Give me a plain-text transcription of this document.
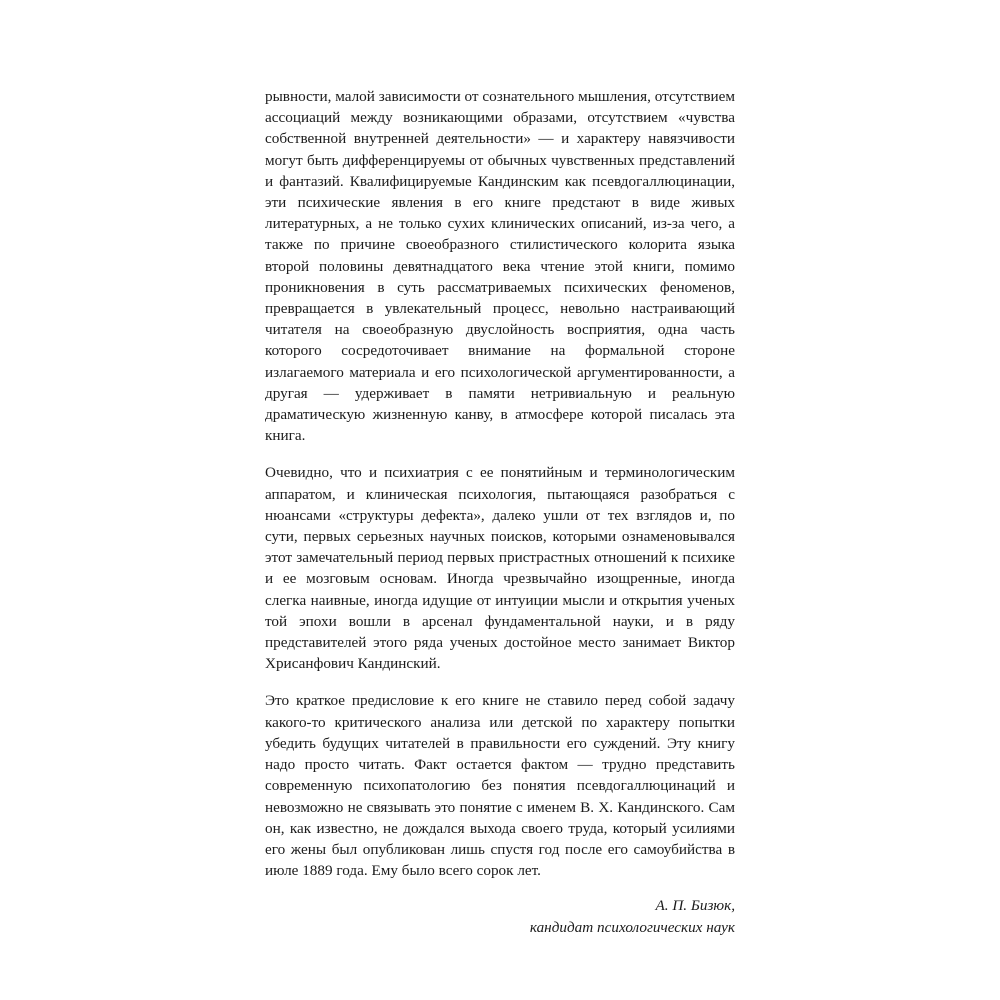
рывности, малой зависимости от сознательного мышления, отсутствием ассоциаций между возникающими образами, отсутствием «чувства собственной внутренней деятельности» — и характеру навязчивости могут быть дифференцируемы от обычных чувственных представлений и фантазий. Квалифицируемые Кандинским как псевдогаллюцинации, эти психические явления в его книге предстают в виде живых литературных, а не только сухих клинических описаний, из-за чего, а также по причине своеобразного стилистического колорита языка второй половины девятнадцатого века чтение этой книги, помимо проникновения в суть рассматриваемых психических феноменов, превращается в увлекательный процесс, невольно настраивающий читателя на своеобразную двуслойность восприятия, одна часть которого сосредоточивает внимание на формальной стороне излагаемого материала и его психологической аргументированности, а другая — удерживает в памяти нетривиальную и реальную драматическую жизненную канву, в атмосфере которой писалась эта книга.

Очевидно, что и психиатрия с ее понятийным и терминологическим аппаратом, и клиническая психология, пытающаяся разобраться с нюансами «структуры дефекта», далеко ушли от тех взглядов и, по сути, первых серьезных научных поисков, которыми ознаменовывался этот замечательный период первых пристрастных отношений к психике и ее мозговым основам. Иногда чрезвычайно изощренные, иногда слегка наивные, иногда идущие от интуиции мысли и открытия ученых той эпохи вошли в арсенал фундаментальной науки, и в ряду представителей этого ряда ученых достойное место занимает Виктор Хрисанфович Кандинский.

Это краткое предисловие к его книге не ставило перед собой задачу какого-то критического анализа или детской по характеру попытки убедить будущих читателей в правильности его суждений. Эту книгу надо просто читать. Факт остается фактом — трудно представить современную психопатологию без понятия псевдогаллюцинаций и невозможно не связывать это понятие с именем В. Х. Кандинского. Сам он, как известно, не дождался выхода своего труда, который усилиями его жены был опубликован лишь спустя год после его самоубийства в июле 1889 года. Ему было всего сорок лет.

А. П. Бизюк,
кандидат психологических наук
